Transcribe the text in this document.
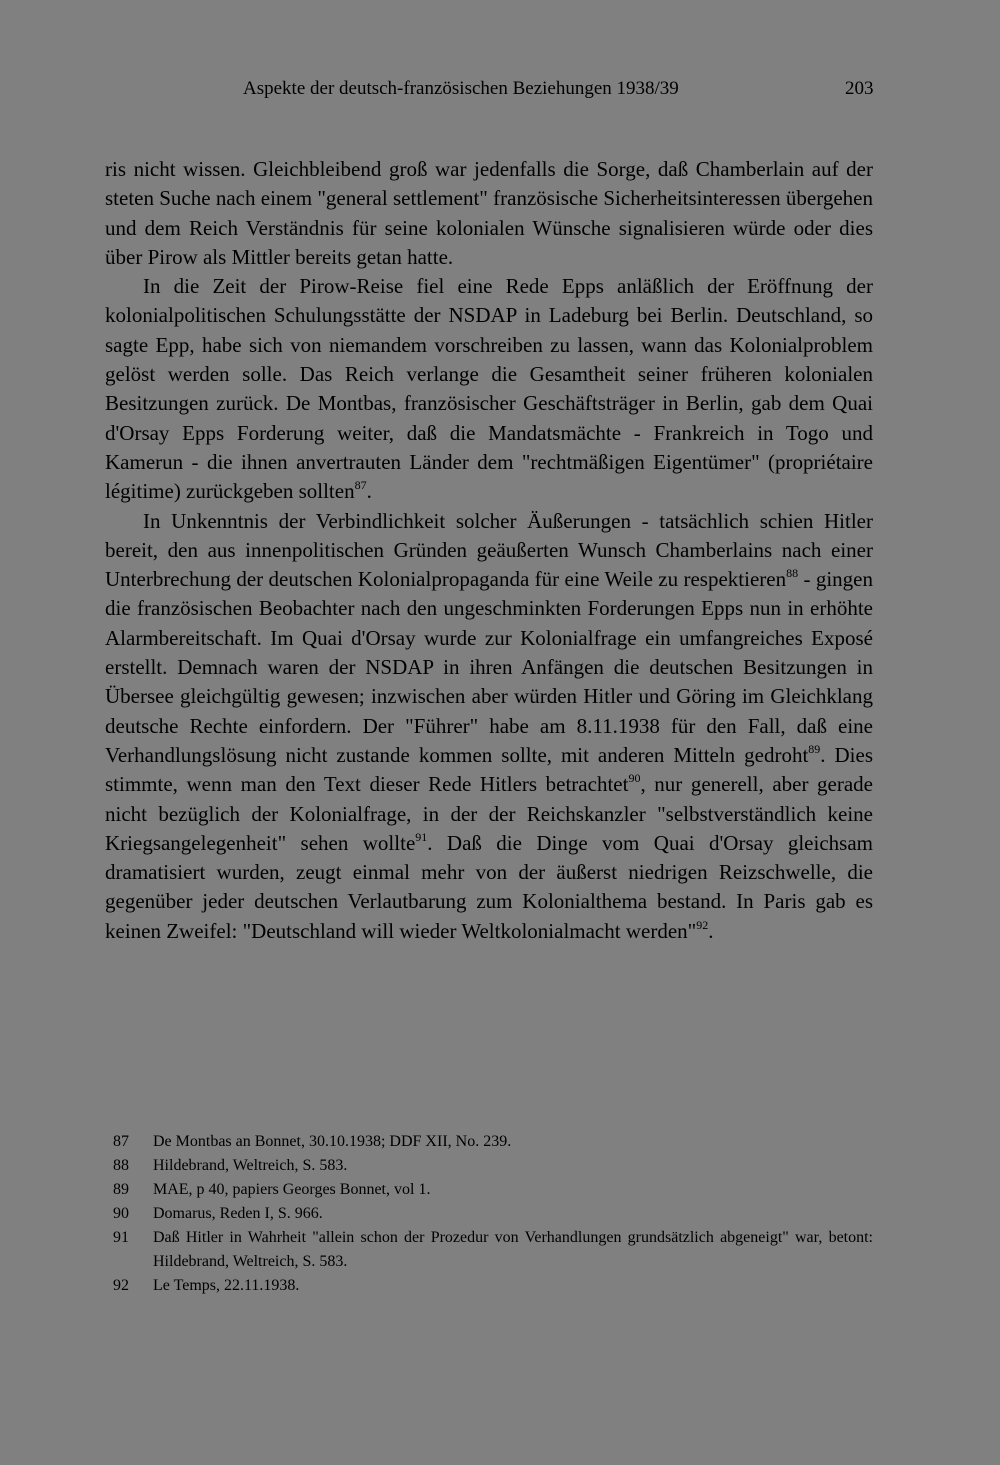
Aspekte der deutsch-französischen Beziehungen 1938/39	203

ris nicht wissen. Gleichbleibend groß war jedenfalls die Sorge, daß Chamberlain auf der steten Suche nach einem "general settlement" französische Sicherheitsinteressen übergehen und dem Reich Verständnis für seine kolonialen Wünsche signalisieren würde oder dies über Pirow als Mittler bereits getan hatte.

In die Zeit der Pirow-Reise fiel eine Rede Epps anläßlich der Eröffnung der kolonialpolitischen Schulungsstätte der NSDAP in Ladeburg bei Berlin. Deutschland, so sagte Epp, habe sich von niemandem vorschreiben zu lassen, wann das Kolonialproblem gelöst werden solle. Das Reich verlange die Gesamtheit seiner früheren kolonialen Besitzungen zurück. De Montbas, französischer Geschäftsträger in Berlin, gab dem Quai d'Orsay Epps Forderung weiter, daß die Mandatsmächte - Frankreich in Togo und Kamerun - die ihnen anvertrauten Länder dem "rechtmäßigen Eigentümer" (propriétaire légitime) zurückgeben sollten$^{87}$.

In Unkenntnis der Verbindlichkeit solcher Äußerungen - tatsächlich schien Hitler bereit, den aus innenpolitischen Gründen geäußerten Wunsch Chamberlains nach einer Unterbrechung der deutschen Kolonialpropaganda für eine Weile zu respektieren$^{88}$ - gingen die französischen Beobachter nach den ungeschminkten Forderungen Epps nun in erhöhte Alarmbereitschaft. Im Quai d'Orsay wurde zur Kolonialfrage ein umfangreiches Exposé erstellt. Demnach waren der NSDAP in ihren Anfängen die deutschen Besitzungen in Übersee gleichgültig gewesen; inzwischen aber würden Hitler und Göring im Gleichklang deutsche Rechte einfordern. Der "Führer" habe am 8.11.1938 für den Fall, daß eine Verhandlungslösung nicht zustande kommen sollte, mit anderen Mitteln gedroht$^{89}$. Dies stimmte, wenn man den Text dieser Rede Hitlers betrachtet$^{90}$, nur generell, aber gerade nicht bezüglich der Kolonialfrage, in der der Reichskanzler "selbstverständlich keine Kriegsangelegenheit" sehen wollte$^{91}$. Daß die Dinge vom Quai d'Orsay gleichsam dramatisiert wurden, zeugt einmal mehr von der äußerst niedrigen Reizschwelle, die gegenüber jeder deutschen Verlautbarung zum Kolonialthema bestand. In Paris gab es keinen Zweifel: "Deutschland will wieder Weltkolonialmacht werden"$^{92}$.

87	De Montbas an Bonnet, 30.10.1938; DDF XII, No. 239.
88	Hildebrand, Weltreich, S. 583.
89	MAE, p 40, papiers Georges Bonnet, vol 1.
90	Domarus, Reden I, S. 966.
91	Daß Hitler in Wahrheit "allein schon der Prozedur von Verhandlungen grundsätzlich abgeneigt" war, betont: Hildebrand, Weltreich, S. 583.
92	Le Temps, 22.11.1938.
